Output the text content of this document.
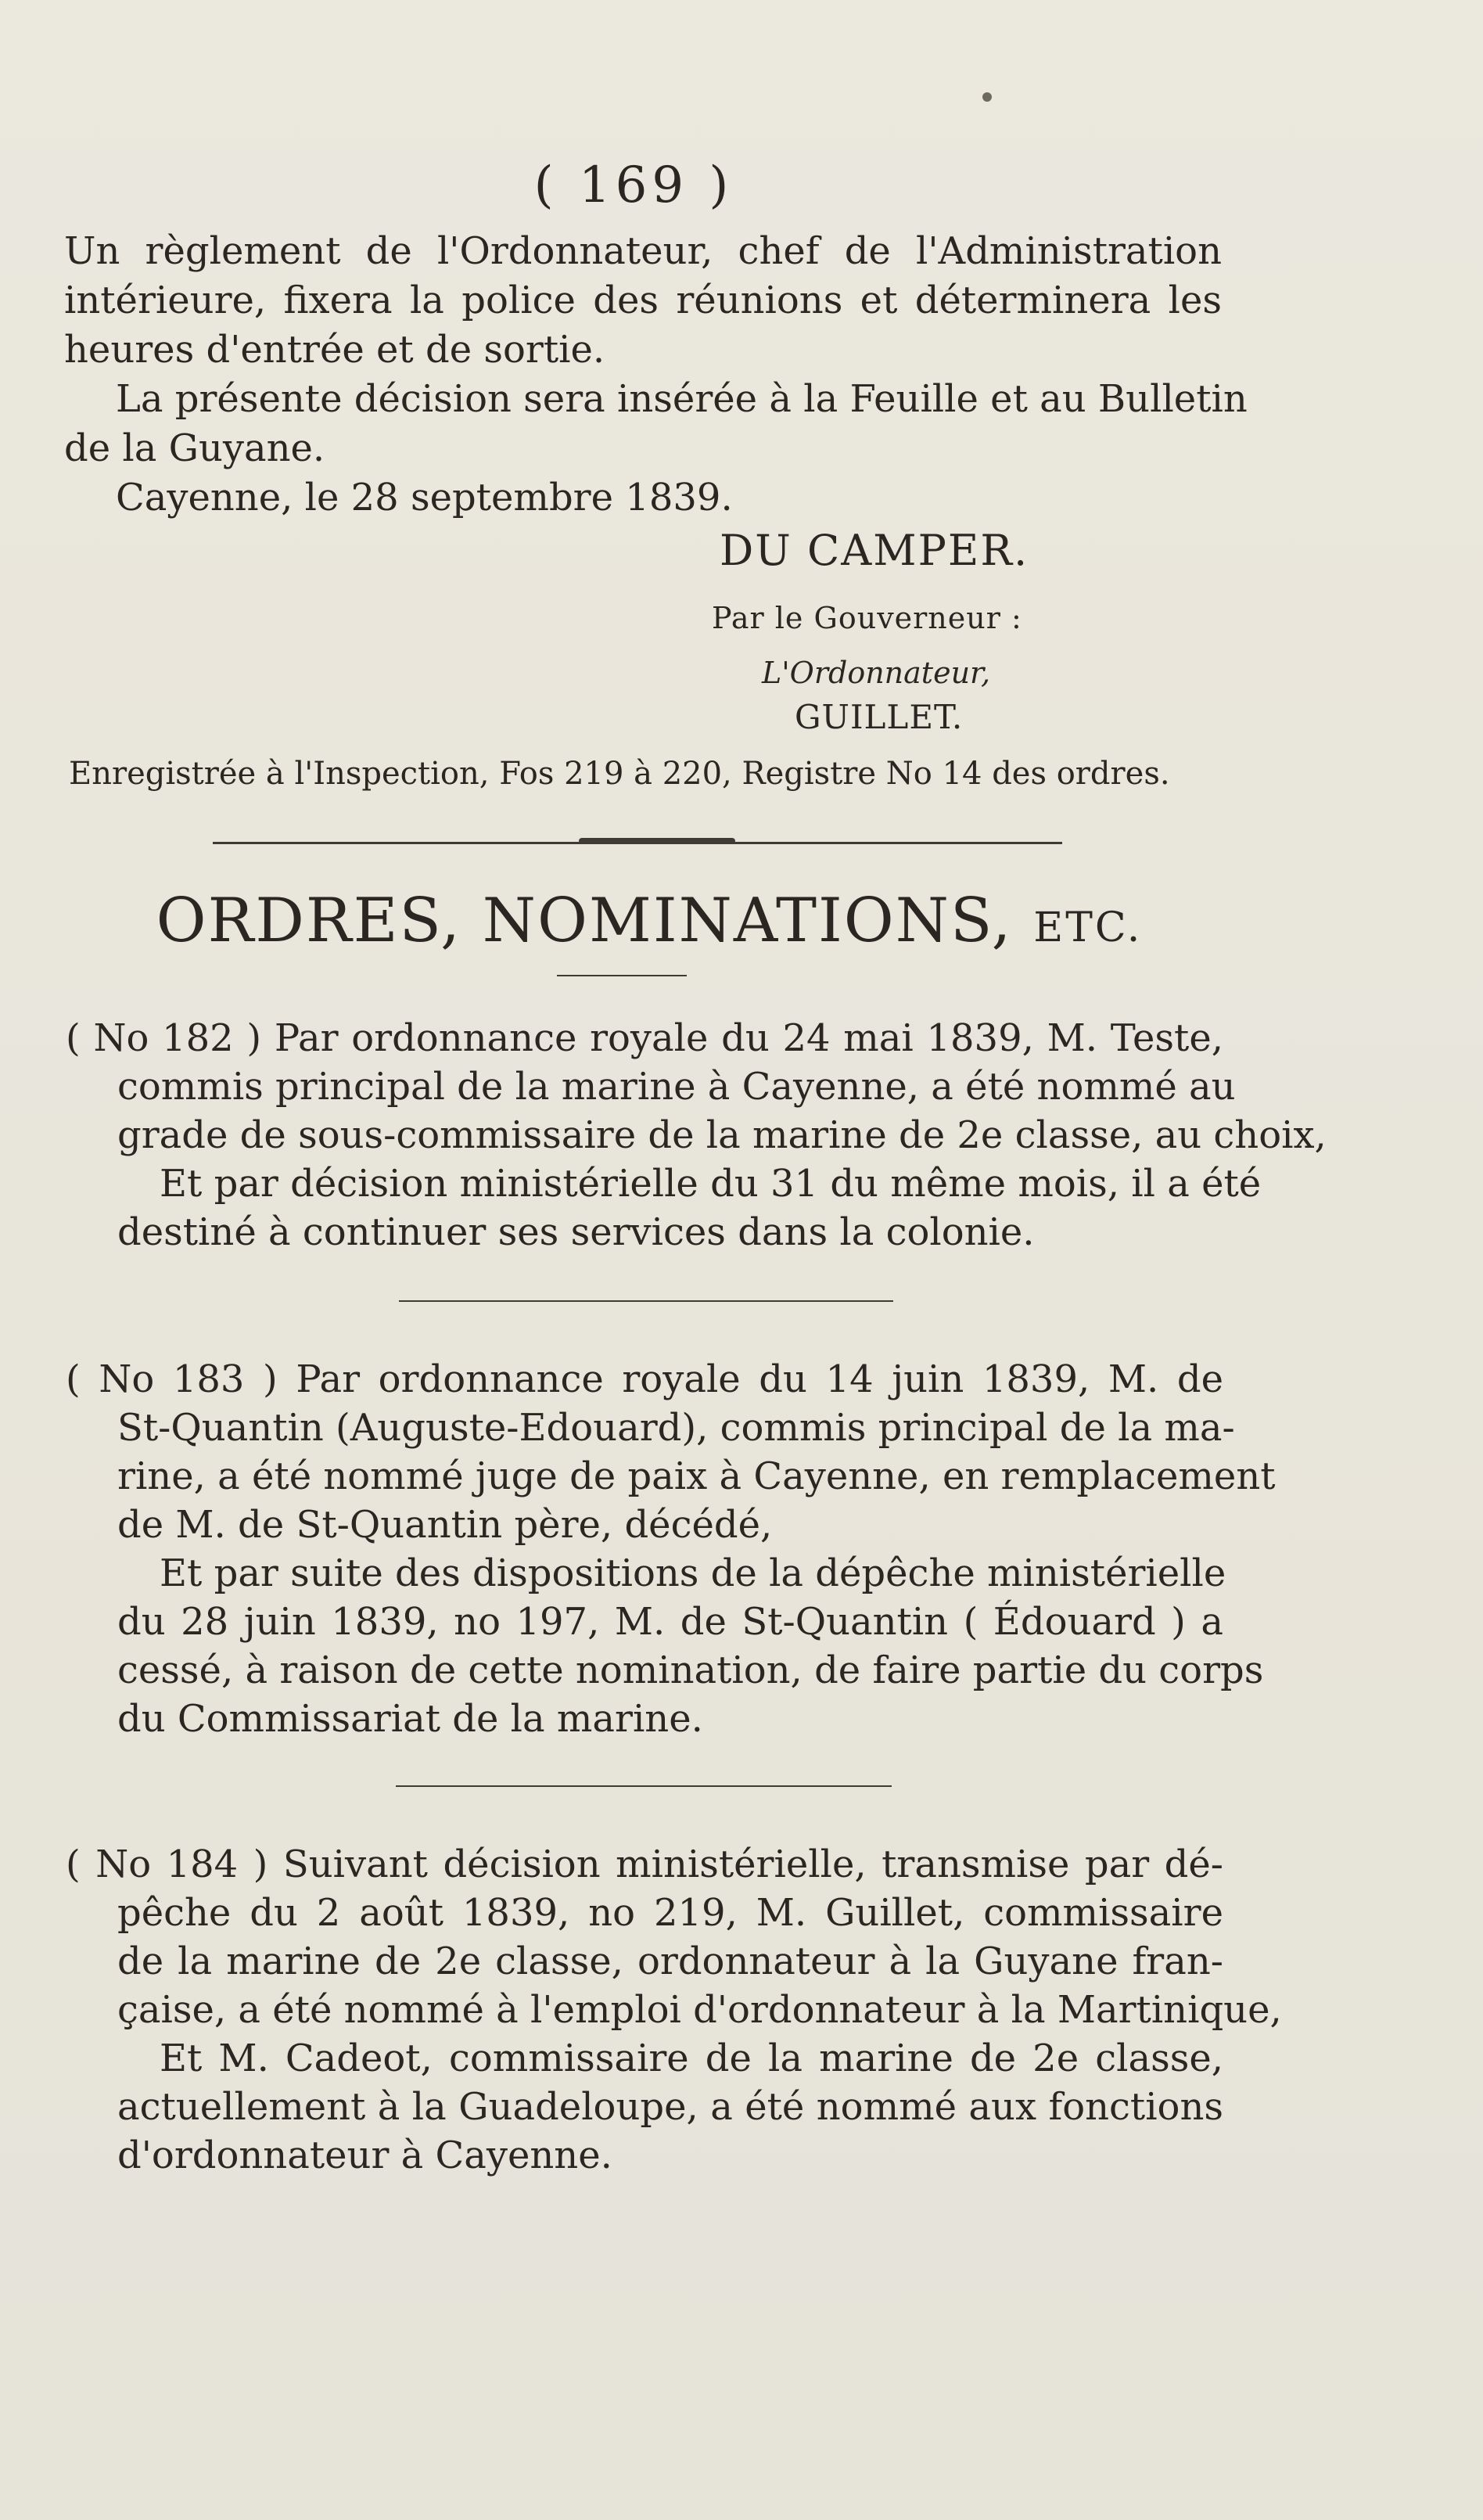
( 169 )
Un règlement de l'Ordonnateur, chef de l'Administration
intérieure, fixera la police des réunions et déterminera les
heures d'entrée et de sortie.
La présente décision sera insérée à la Feuille et au Bulletin
de la Guyane.
Cayenne, le 28 septembre 1839.
DU CAMPER.
Par le Gouverneur :
L'Ordonnateur,
GUILLET.
Enregistrée à l'Inspection, Fos 219 à 220, Registre No 14 des ordres.
ORDRES, NOMINATIONS, ETC.
( No 182 ) Par ordonnance royale du 24 mai 1839, M. Teste,
commis principal de la marine à Cayenne, a été nommé au
grade de sous-commissaire de la marine de 2e classe, au choix,
Et par décision ministérielle du 31 du même mois, il a été
destiné à continuer ses services dans la colonie.
( No 183 ) Par ordonnance royale du 14 juin 1839, M. de
St-Quantin (Auguste-Edouard), commis principal de la ma-
rine, a été nommé juge de paix à Cayenne, en remplacement
de M. de St-Quantin père, décédé,
Et par suite des dispositions de la dépêche ministérielle
du 28 juin 1839, no 197, M. de St-Quantin ( Édouard ) a
cessé, à raison de cette nomination, de faire partie du corps
du Commissariat de la marine.
( No 184 ) Suivant décision ministérielle, transmise par dé-
pêche du 2 août 1839, no 219, M. Guillet, commissaire
de la marine de 2e classe, ordonnateur à la Guyane fran-
çaise, a été nommé à l'emploi d'ordonnateur à la Martinique,
Et M. Cadeot, commissaire de la marine de 2e classe,
actuellement à la Guadeloupe, a été nommé aux fonctions
d'ordonnateur à Cayenne.
